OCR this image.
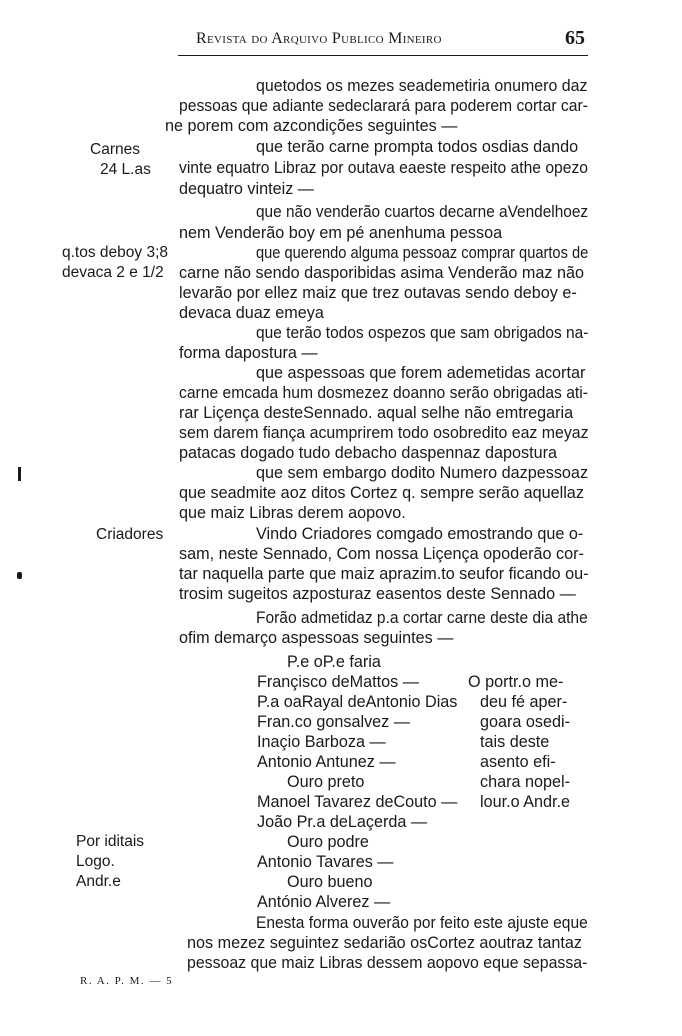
Revista do Arquivo Publico Mineiro	65
quetodos os mezes seademetiria onumero daz
pessoas que adiante sedeclarará para poderem cortar car-
ne porem com azcondições seguintes —
que terão carne prompta todos osdias dando
vinte equatro Libraz por outava eaeste respeito athe opezo
dequatro vinteiz —
que não venderão cuartos decarne aVendelhoez
nem Venderão boy em pé anenhuma pessoa
que querendo alguma pessoaz comprar quartos de
carne não sendo dasporibidas asima Venderão maz não
levarão por ellez maiz que trez outavas sendo deboy e-
devaca duaz emeya
que terão todos ospezos que sam obrigados na-
forma dapostura —
que aspessoas que forem ademetidas acortar
carne emcada hum dosmezez doanno serão obrigadas ati-
rar Liçença desteSennado. aqual selhe não emtregaria
sem darem fiança acumprirem todo osobredito eaz meyaz
patacas dogado tudo debacho daspennaz dapostura
que sem embargo dodito Numero dazpessoaz
que seadmite aoz ditos Cortez q. sempre serão aquellaz
que maiz Libras derem aopovo.
Vindo Criadores comgado emostrando que o-
sam, neste Sennado, Com nossa Liçença opoderão cor-
tar naquella parte que maiz aprazim.to seufor ficando ou-
trosim sugeitos azposturaz easentos deste Sennado —
Forão admetidaz p.a cortar carne deste dia athe
ofim demarço aspessoas seguintes —
P.e oP.e faria
Françisco deMattos —
P.a oaRayal deAntonio Dias
Fran.co gonsalvez —
Inaçio Barboza —
Antonio Antunez —
Ouro preto
Manoel Tavarez deCouto —
João Pr.a deLaçerda —
Ouro podre
Antonio Tavares —
Ouro bueno
António Alverez —
O portr.o me-
deu fé aper-
goara osedi-
tais deste
asento efi-
chara nopel-
lour.o Andr.e
Enesta forma ouverão por feito este ajuste eque
nos mezez seguintez sedarião osCortez aoutraz tantaz
pessoaz que maiz Libras dessem aopovo eque sepassa-
Carnes
24 L.as
q.tos deboy 3;8
devaca 2 e 1/2
Criadores
Por iditais
Logo.
Andr.e
R. A. P. M. — 5
